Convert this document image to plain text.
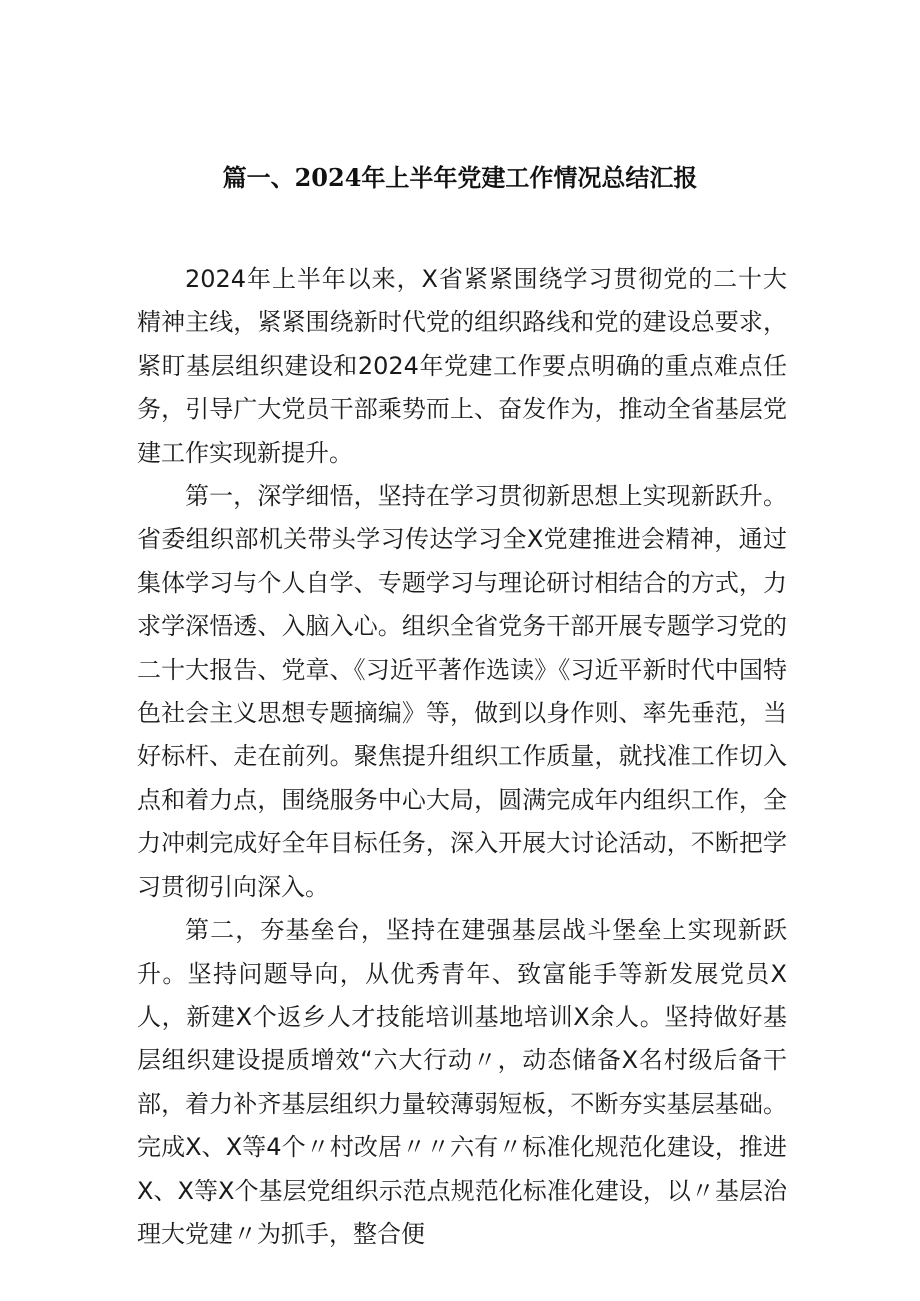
篇一、2024年上半年党建工作情况总结汇报

2024年上半年以来，X省紧紧围绕学习贯彻党的二十大精神主线，紧紧围绕新时代党的组织路线和党的建设总要求，紧盯基层组织建设和2024年党建工作要点明确的重点难点任务，引导广大党员干部乘势而上、奋发作为，推动全省基层党建工作实现新提升。

第一，深学细悟，坚持在学习贯彻新思想上实现新跃升。省委组织部机关带头学习传达学习全X党建推进会精神，通过集体学习与个人自学、专题学习与理论研讨相结合的方式，力求学深悟透、入脑入心。组织全省党务干部开展专题学习党的二十大报告、党章、《习近平著作选读》《习近平新时代中国特色社会主义思想专题摘编》等，做到以身作则、率先垂范，当好标杆、走在前列。聚焦提升组织工作质量，就找准工作切入点和着力点，围绕服务中心大局，圆满完成年内组织工作，全力冲刺完成好全年目标任务，深入开展大讨论活动，不断把学习贯彻引向深入。

第二，夯基垒台，坚持在建强基层战斗堡垒上实现新跃升。坚持问题导向，从优秀青年、致富能手等新发展党员X人，新建X个返乡人才技能培训基地培训X余人。坚持做好基层组织建设提质增效“六大行动〃，动态储备X名村级后备干部，着力补齐基层组织力量较薄弱短板，不断夯实基层基础。完成X、X等4个〃村改居〃〃六有〃标准化规范化建设，推进X、X等X个基层党组织示范点规范化标准化建设，以〃基层治理大党建〃为抓手，整合便
